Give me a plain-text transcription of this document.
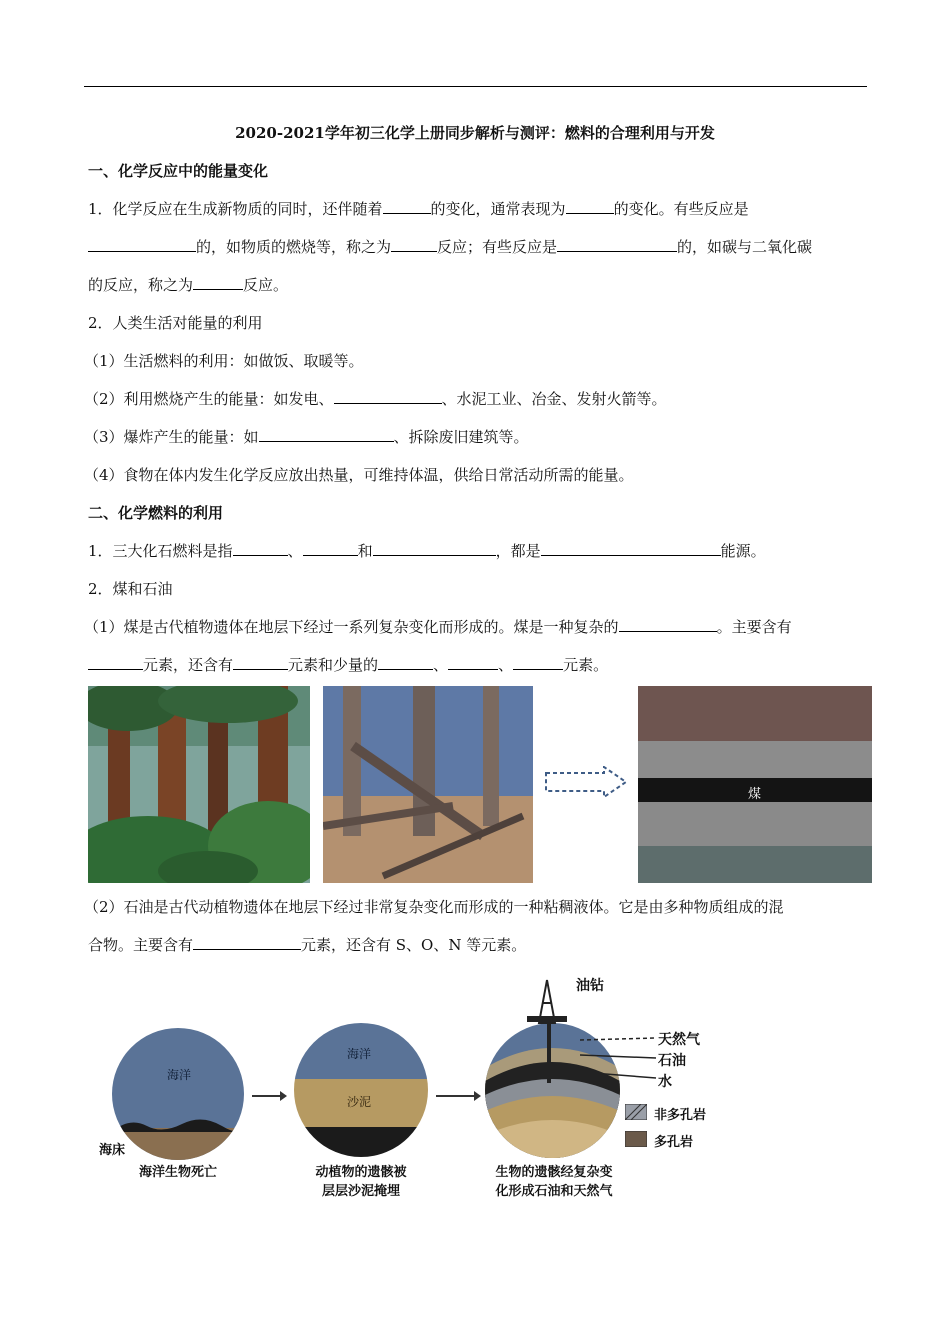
2020-2021学年初三化学上册同步解析与测评：燃料的合理利用与开发
一、化学反应中的能量变化
1．化学反应在生成新物质的同时，还伴随着	的变化，通常表现为	的变化。有些反应是
的，如物质的燃烧等，称之为	反应；有些反应是	的，如碳与二氧化碳
的反应，称之为	反应。
2．人类生活对能量的利用
（1）生活燃料的利用：如做饭、取暖等。
（2）利用燃烧产生的能量：如发电、	、水泥工业、冶金、发射火箭等。
（3）爆炸产生的能量：如	、拆除废旧建筑等。
（4）食物在体内发生化学反应放出热量，可维持体温，供给日常活动所需的能量。
二、化学燃料的利用
1．三大化石燃料是指	、	和	，都是	能源。
2．煤和石油
（1）煤是古代植物遗体在地层下经过一系列复杂变化而形成的。煤是一种复杂的	。主要含有
元素，还含有	元素和少量的	、	、	元素。
煤
（2）石油是古代动植物遗体在地层下经过非常复杂变化而形成的一种粘稠液体。它是由多种物质组成的混
合物。主要含有	元素，还含有 S、O、N 等元素。
海洋
海床
海洋生物死亡
海洋
沙泥
动植物的遗骸被
层层沙泥掩埋
生物的遗骸经复杂变
化形成石油和天然气
油钻
天然气
石油
水
非多孔岩
多孔岩
